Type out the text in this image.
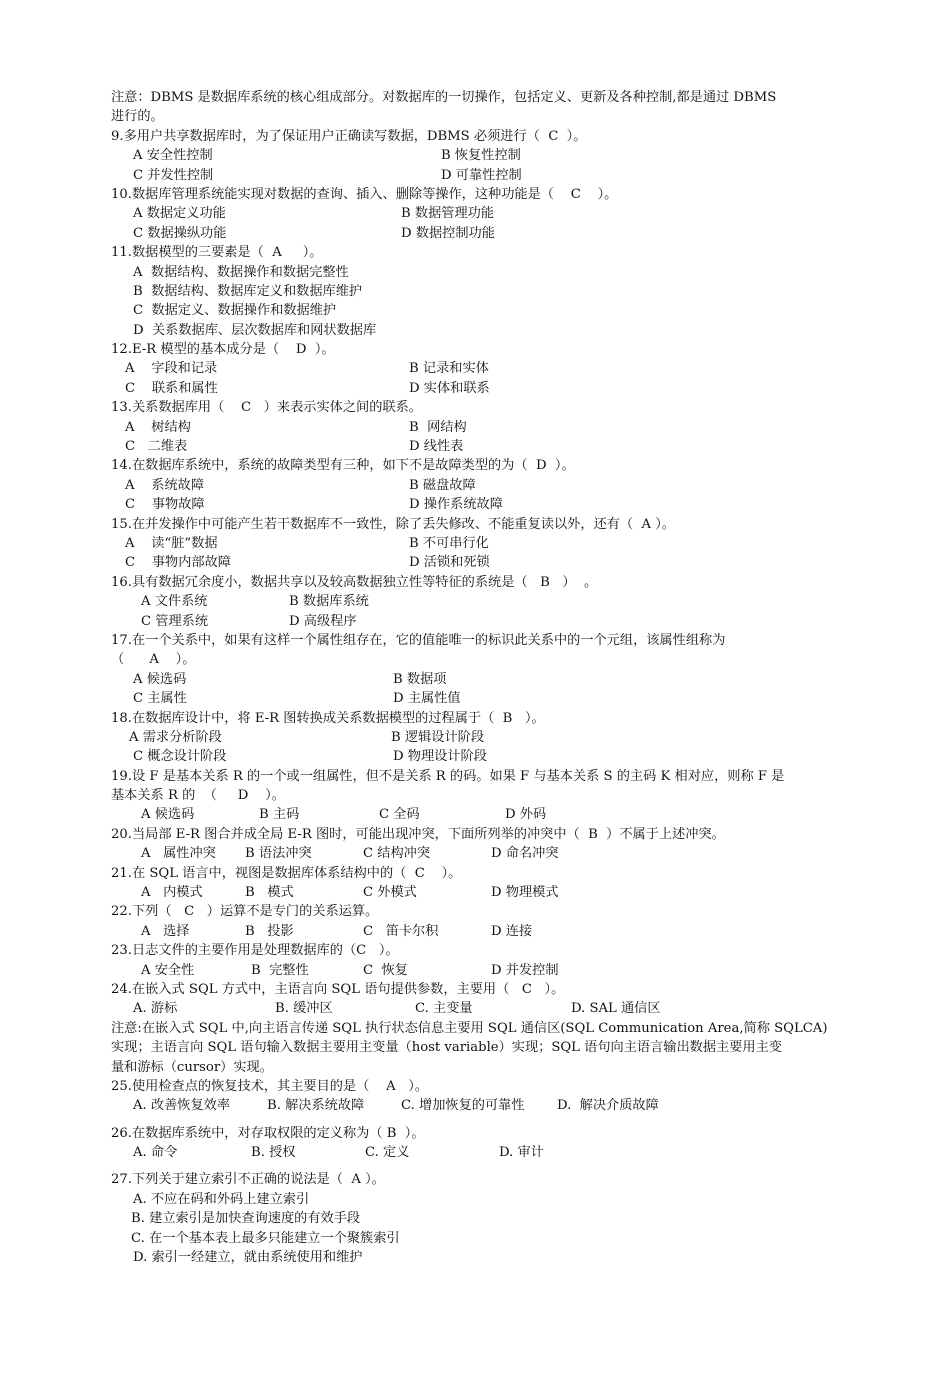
注意：DBMS 是数据库系统的核心组成部分。对数据库的一切操作，包括定义、更新及各种控制,都是通过 DBMS
进行的。
9.多用户共享数据库时，为了保证用户正确读写数据，DBMS 必须进行（  C  ）。
A 安全性控制	B 恢复性控制
C 并发性控制	D 可靠性控制
10.数据库管理系统能实现对数据的查询、插入、删除等操作，这种功能是（    C    ）。
A 数据定义功能	B 数据管理功能
C 数据操纵功能	D 数据控制功能
11.数据模型的三要素是（  A     ）。
A  数据结构、数据操作和数据完整性
B  数据结构、数据库定义和数据库维护
C  数据定义、数据操作和数据维护
D  关系数据库、层次数据库和网状数据库
12.E-R 模型的基本成分是（    D  ）。
A    字段和记录	B 记录和实体
C    联系和属性	D 实体和联系
13.关系数据库用（    C   ）来表示实体之间的联系。
A    树结构	B  网结构
C   二维表	D 线性表
14.在数据库系统中，系统的故障类型有三种，如下不是故障类型的为（  D  ）。
A    系统故障	B 磁盘故障
C    事物故障	D 操作系统故障
15.在并发操作中可能产生若干数据库不一致性，除了丢失修改、不能重复读以外，还有（  A ）。
A    读“脏”数据	B 不可串行化
C    事物内部故障	D 活锁和死锁
16.具有数据冗余度小，数据共享以及较高数据独立性等特征的系统是（   B   ）  。
A 文件系统	B 数据库系统
C 管理系统	D 高级程序
17.在一个关系中，如果有这样一个属性组存在，它的值能唯一的标识此关系中的一个元组，该属性组称为
（      A    ）。
A 候选码	B 数据项
C 主属性	D 主属性值
18.在数据库设计中，将 E-R 图转换成关系数据模型的过程属于（  B   ）。
A 需求分析阶段	B 逻辑设计阶段
C 概念设计阶段	D 物理设计阶段
19.设 F 是基本关系 R 的一个或一组属性，但不是关系 R 的码。如果 F 与基本关系 S 的主码 K 相对应，则称 F 是
基本关系 R 的  （     D    ）。
A 候选码	B 主码	C 全码	D 外码
20.当局部 E-R 图合并成全局 E-R 图时，可能出现冲突，下面所列举的冲突中（  B  ）不属于上述冲突。
A   属性冲突 B 语法冲突	C 结构冲突	D 命名冲突
21.在 SQL 语言中，视图是数据库体系结构中的（  C    ）。
A   内模式	B   模式	C 外模式	D 物理模式
22.下列（   C   ）运算不是专门的关系运算。
A   选择	B   投影	C   笛卡尔积	D 连接
23.日志文件的主要作用是处理数据库的（C   ）。
A 安全性	B  完整性	C  恢复	D 并发控制
24.在嵌入式 SQL 方式中，主语言向 SQL 语句提供参数，主要用（   C   ）。
A. 游标	B. 缓冲区	C. 主变量	D. SAL 通信区
注意:在嵌入式 SQL 中,向主语言传递 SQL 执行状态信息主要用 SQL 通信区(SQL Communication Area,简称 SQLCA)
实现；主语言向 SQL 语句输入数据主要用主变量（host variable）实现；SQL 语句向主语言输出数据主要用主变
量和游标（cursor）实现。
25.使用检查点的恢复技术，其主要目的是（    A   ）。
A. 改善恢复效率	B. 解决系统故障	C. 增加恢复的可靠性 D.  解决介质故障
26.在数据库系统中，对存取权限的定义称为（ B  ）。
A. 命令	B. 授权	C. 定义	D. 审计
27.下列关于建立索引不正确的说法是（  A ）。
A. 不应在码和外码上建立索引
B. 建立索引是加快查询速度的有效手段
C. 在一个基本表上最多只能建立一个聚簇索引
D. 索引一经建立，就由系统使用和维护
